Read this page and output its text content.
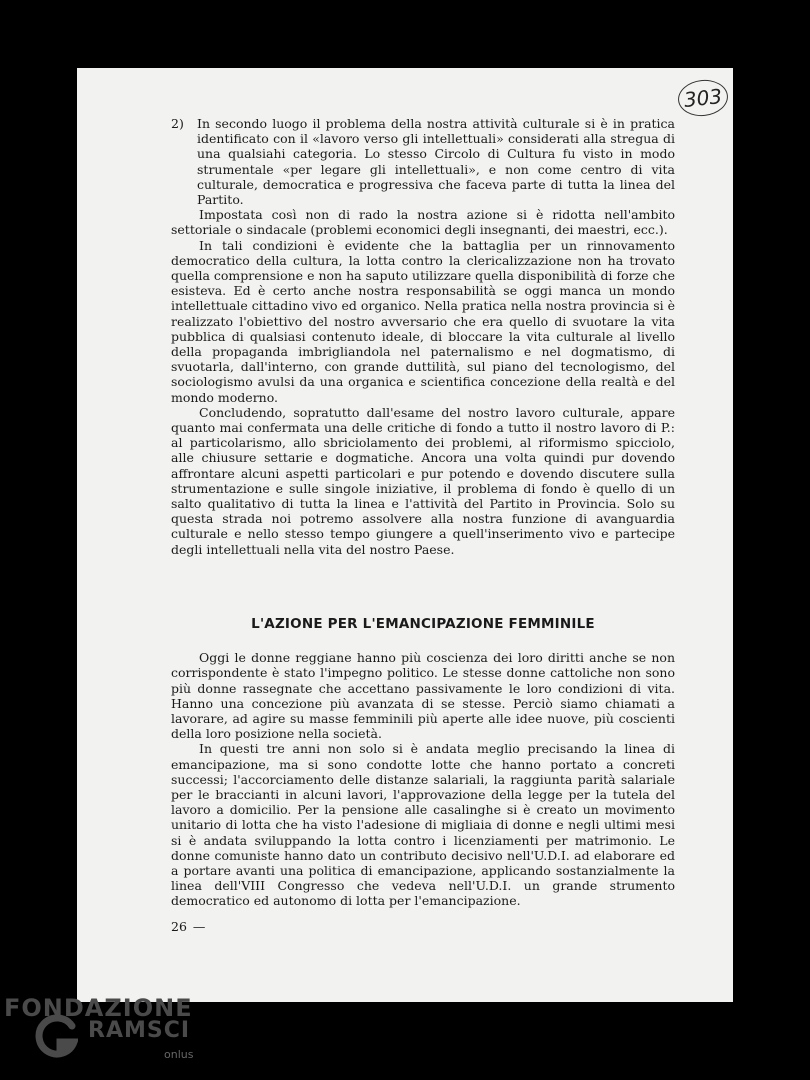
303
2)	In secondo luogo il problema della nostra attività culturale si è in pratica identificato con il «lavoro verso gli intellettuali» considerati alla stregua di una qualsiahi categoria. Lo stesso Circolo di Cultura fu visto in modo strumentale «per legare gli intellettuali», e non come centro di vita culturale, democratica e progressiva che faceva parte di tutta la linea del Partito.

Impostata così non di rado la nostra azione si è ridotta nell'ambito settoriale o sindacale (problemi economici degli insegnanti, dei maestri, ecc.).

In tali condizioni è evidente che la battaglia per un rinnovamento democratico della cultura, la lotta contro la clericalizzazione non ha trovato quella comprensione e non ha saputo utilizzare quella disponibilità di forze che esisteva. Ed è certo anche nostra responsabilità se oggi manca un mondo intellettuale cittadino vivo ed organico. Nella pratica nella nostra provincia si è realizzato l'obiettivo del nostro avversario che era quello di svuotare la vita pubblica di qualsiasi contenuto ideale, di bloccare la vita culturale al livello della propaganda imbrigliandola nel paternalismo e nel dogmatismo, di svuotarla, dall'interno, con grande duttilità, sul piano del tecnologismo, del sociologismo avulsi da una organica e scientifica concezione della realtà e del mondo moderno.

Concludendo, sopratutto dall'esame del nostro lavoro culturale, appare quanto mai confermata una delle critiche di fondo a tutto il nostro lavoro di P.: al particolarismo, allo sbriciolamento dei problemi, al riformismo spicciolo, alle chiusure settarie e dogmatiche. Ancora una volta quindi pur dovendo affrontare alcuni aspetti particolari e pur potendo e dovendo discutere sulla strumentazione e sulle singole iniziative, il problema di fondo è quello di un salto qualitativo di tutta la linea e l'attività del Partito in Provincia. Solo su questa strada noi potremo assolvere alla nostra funzione di avanguardia culturale e nello stesso tempo giungere a quell'inserimento vivo e partecipe degli intellettuali nella vita del nostro Paese.

L'AZIONE PER L'EMANCIPAZIONE FEMMINILE

Oggi le donne reggiane hanno più coscienza dei loro diritti anche se non corrispondente è stato l'impegno politico. Le stesse donne cattoliche non sono più donne rassegnate che accettano passivamente le loro condizioni di vita. Hanno una concezione più avanzata di se stesse. Perciò siamo chiamati a lavorare, ad agire su masse femminili più aperte alle idee nuove, più coscienti della loro posizione nella società.

In questi tre anni non solo si è andata meglio precisando la linea di emancipazione, ma si sono condotte lotte che hanno portato a concreti successi; l'accorciamento delle distanze salariali, la raggiunta parità salariale per le braccianti in alcuni lavori, l'approvazione della legge per la tutela del lavoro a domicilio. Per la pensione alle casalinghe si è creato un movimento unitario di lotta che ha visto l'adesione di migliaia di donne e negli ultimi mesi si è andata sviluppando la lotta contro i licenziamenti per matrimonio. Le donne comuniste hanno dato un contributo decisivo nell'U.D.I. ad elaborare ed a portare avanti una politica di emancipazione, applicando sostanzialmente la linea dell'VIII Congresso che vedeva nell'U.D.I. un grande strumento democratico ed autonomo di lotta per l'emancipazione.

26 —
FONDAZIONE
RAMSCI
onlus
